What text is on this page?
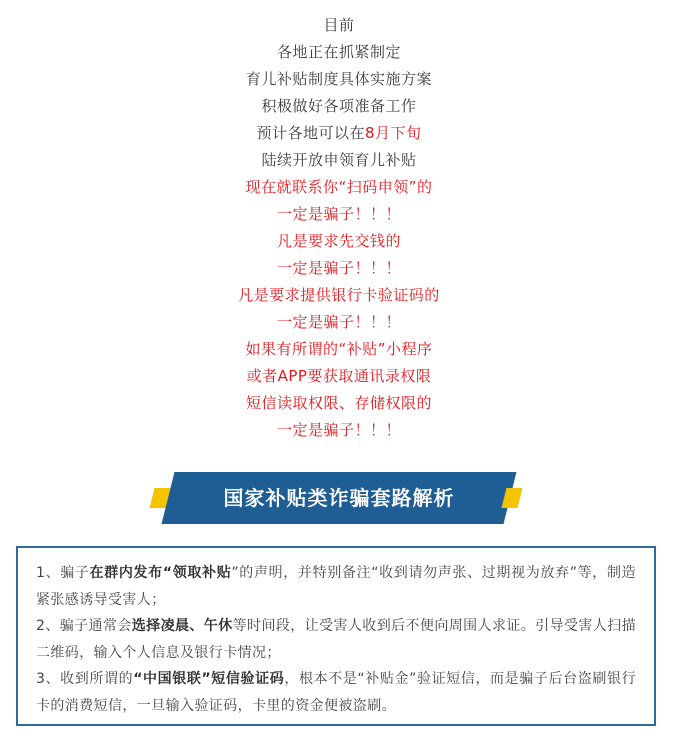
目前
各地正在抓紧制定
育儿补贴制度具体实施方案
积极做好各项准备工作
预计各地可以在8月下旬
陆续开放申领育儿补贴
现在就联系你“扫码申领”的
一定是骗子！！！
凡是要求先交钱的
一定是骗子！！！
凡是要求提供银行卡验证码的
一定是骗子！！！
如果有所谓的“补贴”小程序
或者APP要获取通讯录权限
短信读取权限、存储权限的
一定是骗子！！！
国家补贴类诈骗套路解析
1、骗子在群内发布“领取补贴”的声明，并特别备注“收到请勿声张、过期视为放弃”等，制造紧张感诱导受害人；
2、骗子通常会选择凌晨、午休等时间段，让受害人收到后不便向周围人求证。引导受害人扫描二维码，输入个人信息及银行卡情况；
3、收到所谓的“中国银联”短信验证码，根本不是“补贴金”验证短信，而是骗子后台盗刷银行卡的消费短信，一旦输入验证码，卡里的资金便被盗刷。
